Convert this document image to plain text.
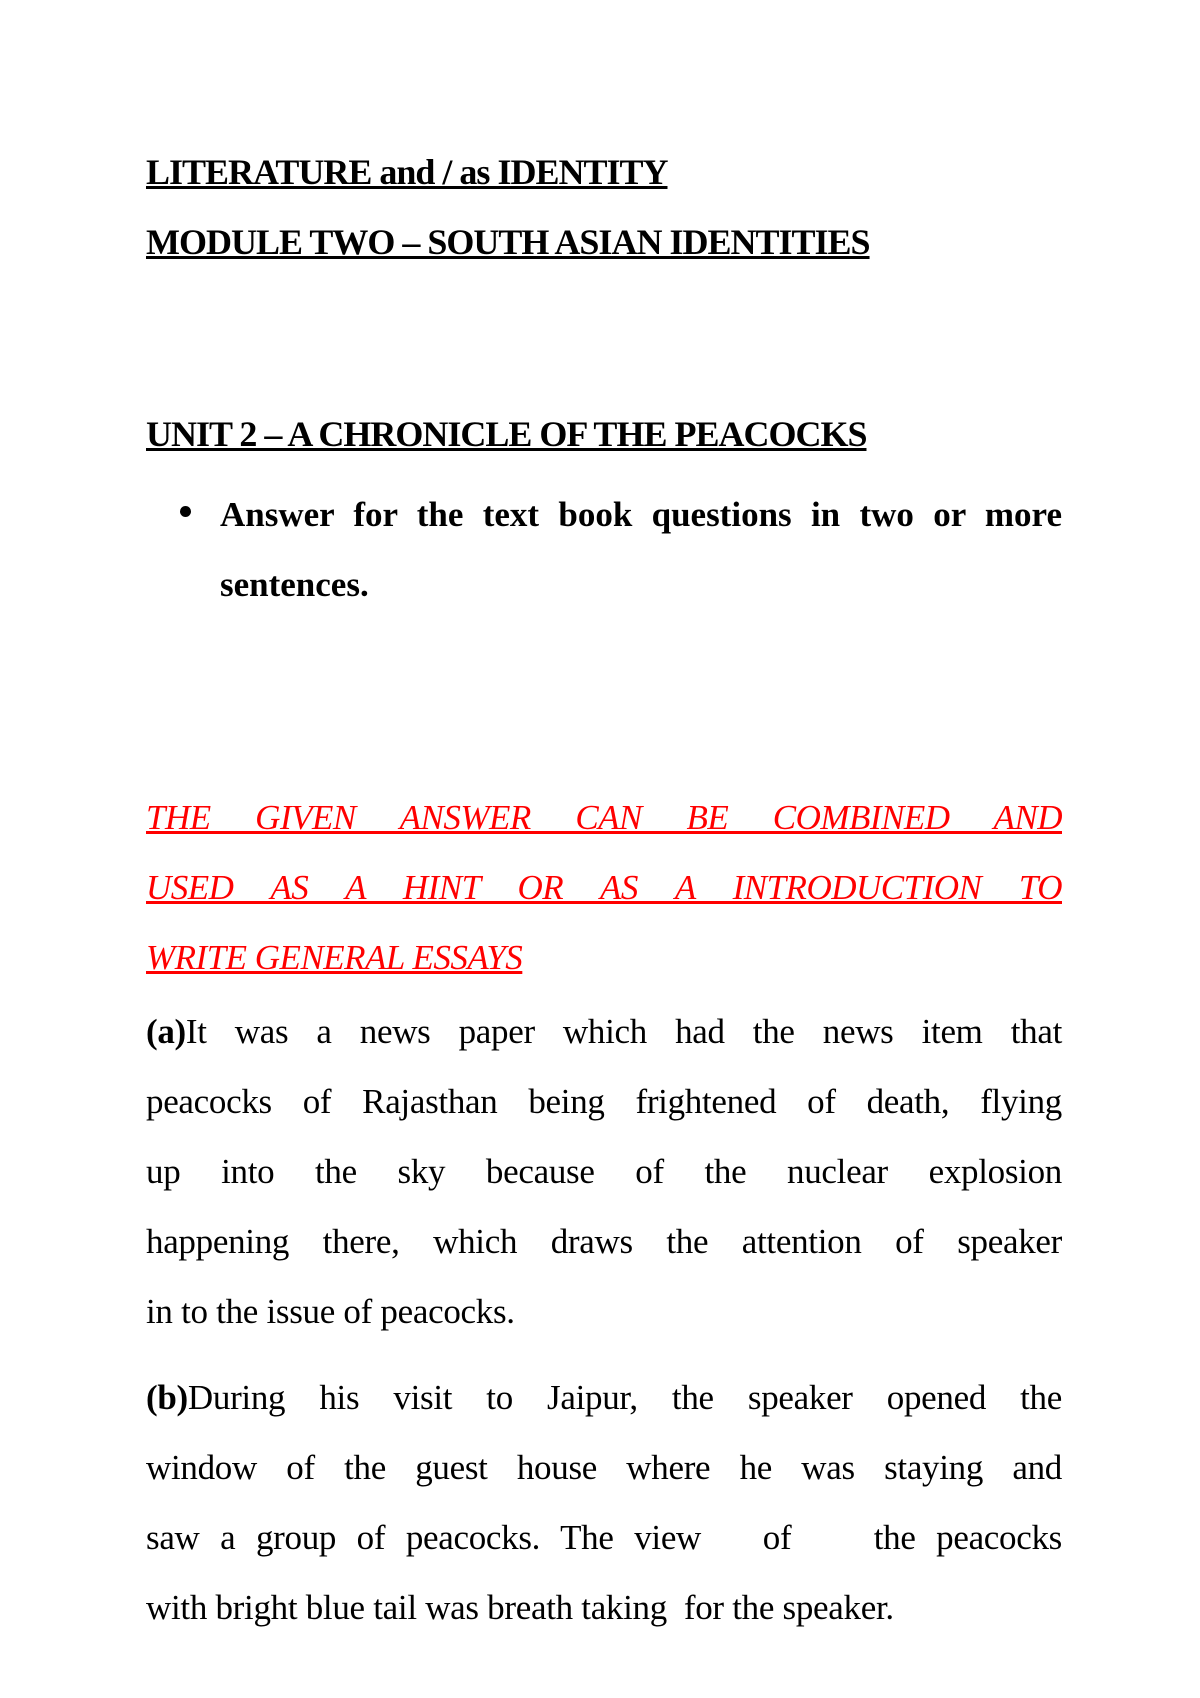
LITERATURE and / as IDENTITY
MODULE TWO – SOUTH ASIAN IDENTITIES
UNIT 2 – A CHRONICLE OF THE PEACOCKS
Answer for the text book questions in two or more sentences.
THE GIVEN ANSWER CAN BE COMBINED AND
USED AS A HINT OR AS A INTRODUCTION TO
WRITE GENERAL ESSAYS
(a)It was a news paper which had the news item that
peacocks of Rajasthan being frightened of death, flying
up into the sky because of the nuclear explosion
happening there, which draws the attention of speaker
in to the issue of peacocks.
(b)During his visit to Jaipur, the speaker opened the
window of the guest house where he was staying and
saw a group of peacocks. The view   of    the peacocks
with bright blue tail was breath taking  for the speaker.
